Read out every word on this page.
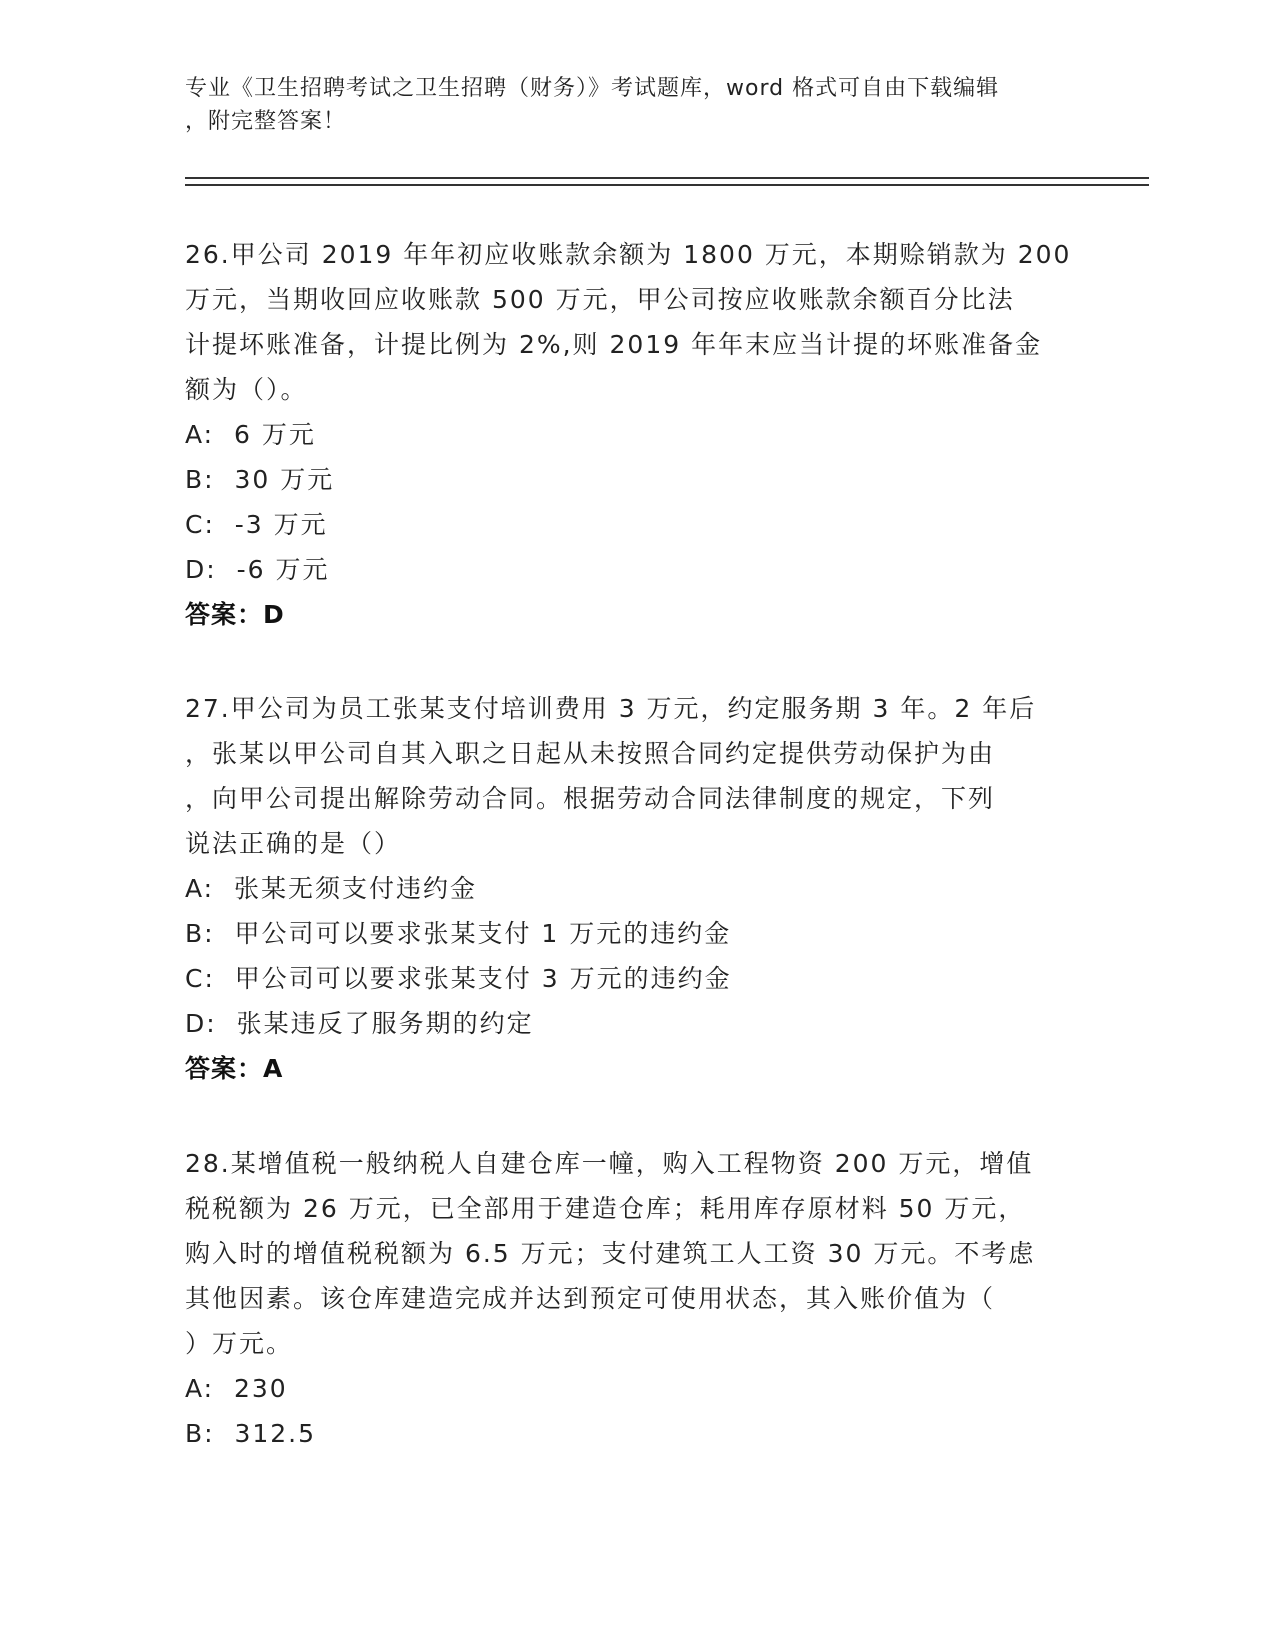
专业《卫生招聘考试之卫生招聘（财务）》考试题库，word 格式可自由下载编辑
，附完整答案！
26.甲公司 2019 年年初应收账款余额为 1800 万元，本期赊销款为 200
万元，当期收回应收账款 500 万元，甲公司按应收账款余额百分比法
计提坏账准备，计提比例为 2%,则 2019 年年末应当计提的坏账准备金
额为（）。
A:  6 万元
B:  30 万元
C:  -3 万元
D:  -6 万元
答案：D
27.甲公司为员工张某支付培训费用 3 万元，约定服务期 3 年。2 年后
，张某以甲公司自其入职之日起从未按照合同约定提供劳动保护为由
，向甲公司提出解除劳动合同。根据劳动合同法律制度的规定，下列
说法正确的是（）
A:  张某无须支付违约金
B:  甲公司可以要求张某支付 1 万元的违约金
C:  甲公司可以要求张某支付 3 万元的违约金
D:  张某违反了服务期的约定
答案：A
28.某增值税一般纳税人自建仓库一幢，购入工程物资 200 万元，增值
税税额为 26 万元，已全部用于建造仓库；耗用库存原材料 50 万元，
购入时的增值税税额为 6.5 万元；支付建筑工人工资 30 万元。不考虑
其他因素。该仓库建造完成并达到预定可使用状态，其入账价值为（
）万元。
A:  230
B:  312.5
